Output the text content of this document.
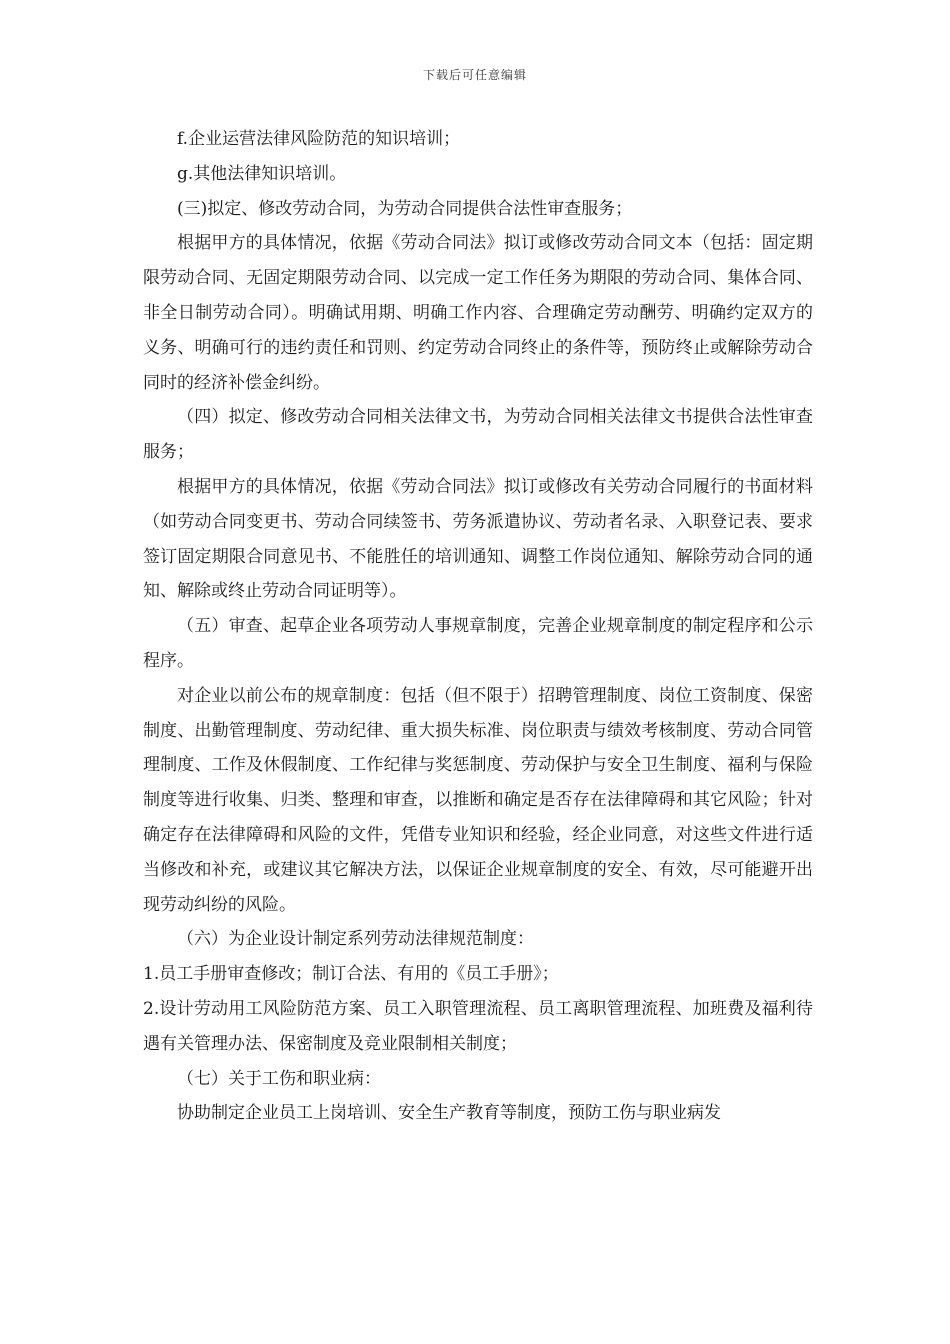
下载后可任意编辑

f.企业运营法律风险防范的知识培训；

g.其他法律知识培训。

(三)拟定、修改劳动合同，为劳动合同提供合法性审查服务；

根据甲方的具体情况，依据《劳动合同法》拟订或修改劳动合同文本（包括：固定期限劳动合同、无固定期限劳动合同、以完成一定工作任务为期限的劳动合同、集体合同、非全日制劳动合同）。明确试用期、明确工作内容、合理确定劳动酬劳、明确约定双方的义务、明确可行的违约责任和罚则、约定劳动合同终止的条件等，预防终止或解除劳动合同时的经济补偿金纠纷。

（四）拟定、修改劳动合同相关法律文书，为劳动合同相关法律文书提供合法性审查服务；

根据甲方的具体情况，依据《劳动合同法》拟订或修改有关劳动合同履行的书面材料（如劳动合同变更书、劳动合同续签书、劳务派遣协议、劳动者名录、入职登记表、要求签订固定期限合同意见书、不能胜任的培训通知、调整工作岗位通知、解除劳动合同的通知、解除或终止劳动合同证明等）。

（五）审查、起草企业各项劳动人事规章制度，完善企业规章制度的制定程序和公示程序。

对企业以前公布的规章制度：包括（但不限于）招聘管理制度、岗位工资制度、保密制度、出勤管理制度、劳动纪律、重大损失标准、岗位职责与绩效考核制度、劳动合同管理制度、工作及休假制度、工作纪律与奖惩制度、劳动保护与安全卫生制度、福利与保险制度等进行收集、归类、整理和审查，以推断和确定是否存在法律障碍和其它风险；针对确定存在法律障碍和风险的文件，凭借专业知识和经验，经企业同意，对这些文件进行适当修改和补充，或建议其它解决方法，以保证企业规章制度的安全、有效，尽可能避开出现劳动纠纷的风险。

（六）为企业设计制定系列劳动法律规范制度：

1.员工手册审查修改；制订合法、有用的《员工手册》；

2.设计劳动用工风险防范方案、员工入职管理流程、员工离职管理流程、加班费及福利待遇有关管理办法、保密制度及竞业限制相关制度；

（七）关于工伤和职业病：

协助制定企业员工上岗培训、安全生产教育等制度，预防工伤与职业病发
